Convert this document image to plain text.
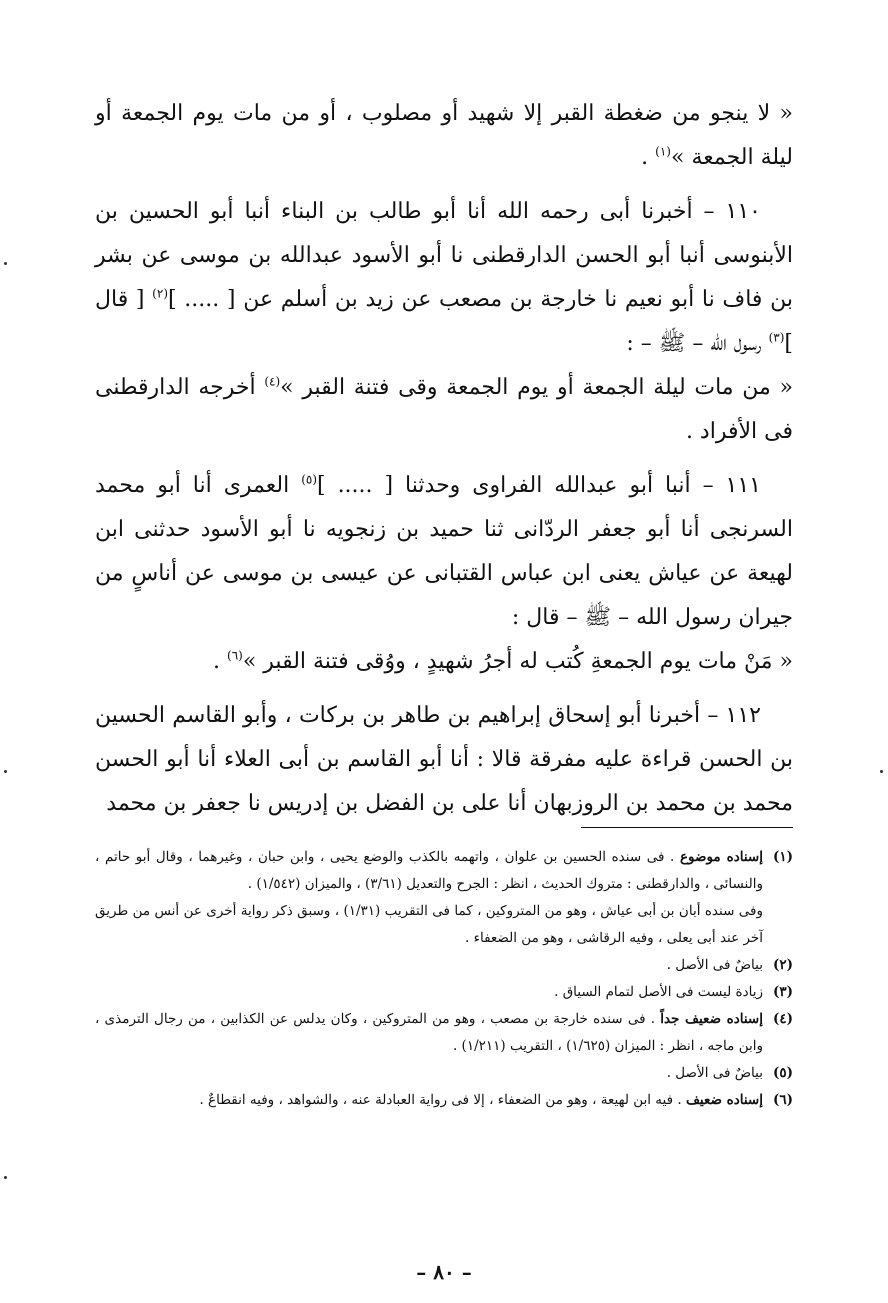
« لا ينجو من ضغطة القبر إلا شهيد أو مصلوب ، أو من مات يوم الجمعة أو ليلة الجمعة »$^{(١)}$ .

١١٠ – أخبرنا أبى رحمه الله أنا أبو طالب بن البناء أنبا أبو الحسين بن الأبنوسى أنبا أبو الحسن الدارقطنى نا أبو الأسود عبدالله بن موسى عن بشر بن فاف نا أبو نعيم نا خارجة بن مصعب عن زيد بن أسلم عن [ ..... ]$^{(٢)}$ [ قال ]$^{(٣)}$ رسول الله – ﷺ – :

« من مات ليلة الجمعة أو يوم الجمعة وقى فتنة القبر »$^{(٤)}$ أخرجه الدارقطنى فى الأفراد .

١١١ – أنبا أبو عبدالله الفراوى وحدثنا [ ..... ]$^{(٥)}$ العمرى أنا أبو محمد السرنجى أنا أبو جعفر الردّانى ثنا حميد بن زنجويه نا أبو الأسود حدثنى ابن لهيعة عن عياش يعنى ابن عباس القتبانى عن عيسى بن موسى عن أناسٍ من جيران رسول الله – ﷺ – قال :

« مَنْ مات يوم الجمعةِ كُتب له أجرُ شهيدٍ ، ووُقى فتنة القبر »$^{(٦)}$ .

١١٢ – أخبرنا أبو إسحاق إبراهيم بن طاهر بن بركات ، وأبو القاسم الحسين بن الحسن قراءة عليه مفرقة قالا : أنا أبو القاسم بن أبى العلاء أنا أبو الحسن محمد بن محمد بن الروزبهان أنا على بن الفضل بن إدريس نا جعفر بن محمد

(١)
إسناده موضوع . فى سنده الحسين بن علوان ، واتهمه بالكذب والوضع يحيى ، وابن حبان ، وغيرهما ، وقال أبو حاتم ، والنسائى ، والدارقطنى : متروك الحديث ، انظر : الجرح والتعديل (٣/٦١) ، والميزان (١/٥٤٢) .
وفى سنده أبان بن أبى عياش ، وهو من المتروكين ، كما فى التقريب (١/٣١) ، وسبق ذكر رواية أخرى عن أنس من طريق آخر عند أبى يعلى ، وفيه الرقاشى ، وهو من الضعفاء .
(٢)
بياضٌ فى الأصل .
(٣)
زيادة ليست فى الأصل لتمام السياق .
(٤)
إسناده ضعيف جداً . فى سنده خارجة بن مصعب ، وهو من المتروكين ، وكان يدلس عن الكذابين ، من رجال الترمذى ، وابن ماجه ، انظر : الميزان (١/٦٢٥) ، التقريب (١/٢١١) .
(٥)
بياضٌ فى الأصل .
(٦)
إسناده ضعيف . فيه ابن لهيعة ، وهو من الضعفاء ، إلا فى رواية العبادلة عنه ، والشواهد ، وفيه انقطاعٌ .
– ٨٠ –
